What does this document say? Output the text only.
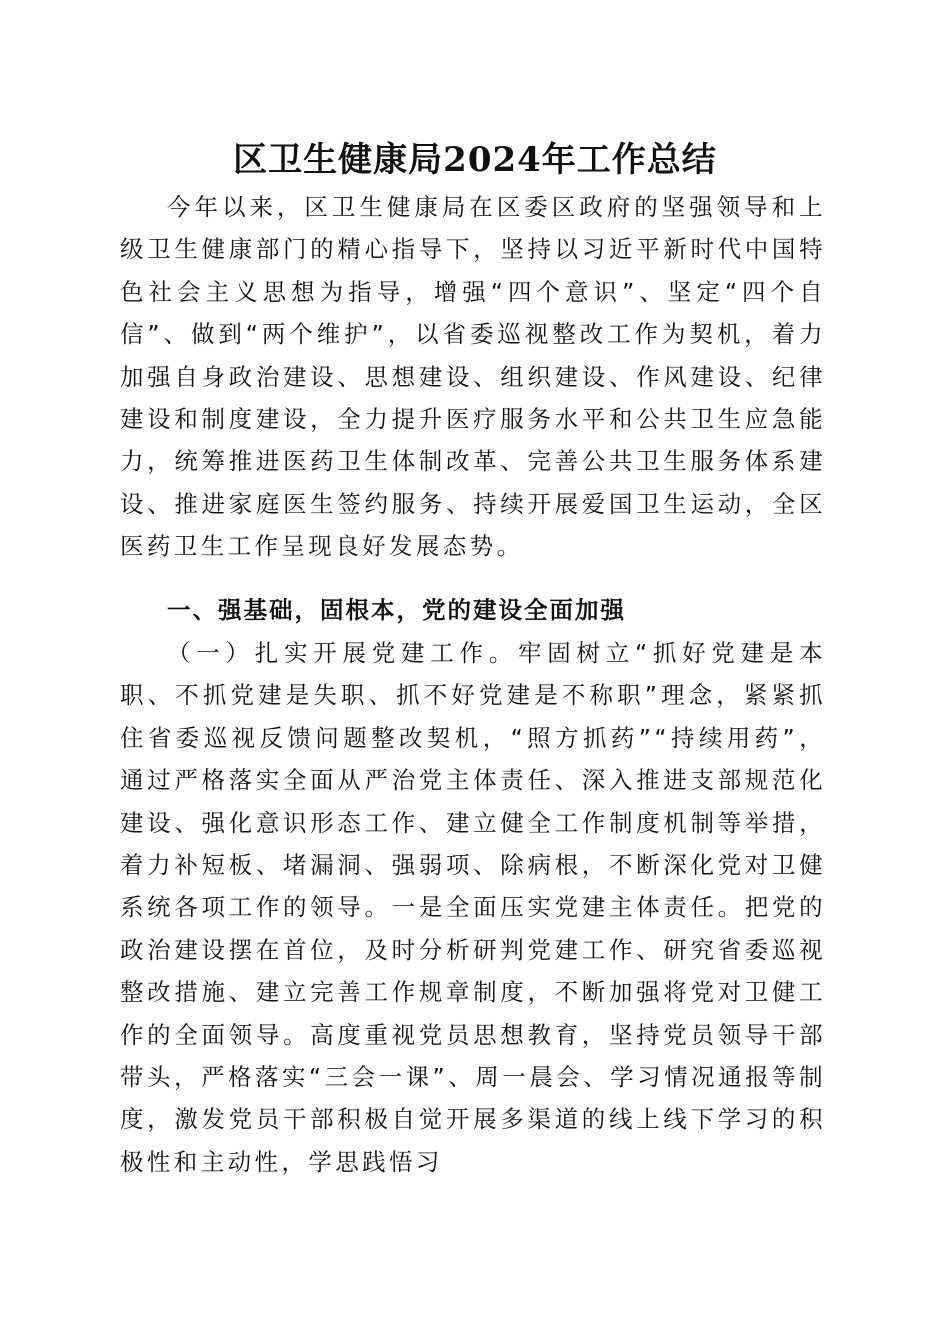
区卫生健康局2024年工作总结

今年以来，区卫生健康局在区委区政府的坚强领导和上级卫生健康部门的精心指导下，坚持以习近平新时代中国特色社会主义思想为指导，增强“四个意识”、坚定“四个自信”、做到“两个维护”，以省委巡视整改工作为契机，着力加强自身政治建设、思想建设、组织建设、作风建设、纪律建设和制度建设，全力提升医疗服务水平和公共卫生应急能力，统筹推进医药卫生体制改革、完善公共卫生服务体系建设、推进家庭医生签约服务、持续开展爱国卫生运动，全区医药卫生工作呈现良好发展态势。

一、强基础，固根本，党的建设全面加强

（一）扎实开展党建工作。牢固树立“抓好党建是本职、不抓党建是失职、抓不好党建是不称职”理念，紧紧抓住省委巡视反馈问题整改契机，“照方抓药”“持续用药”，通过严格落实全面从严治党主体责任、深入推进支部规范化建设、强化意识形态工作、建立健全工作制度机制等举措，着力补短板、堵漏洞、强弱项、除病根，不断深化党对卫健系统各项工作的领导。一是全面压实党建主体责任。把党的政治建设摆在首位，及时分析研判党建工作、研究省委巡视整改措施、建立完善工作规章制度，不断加强将党对卫健工作的全面领导。高度重视党员思想教育，坚持党员领导干部带头，严格落实“三会一课”、周一晨会、学习情况通报等制度，激发党员干部积极自觉开展多渠道的线上线下学习的积极性和主动性，学思践悟习
